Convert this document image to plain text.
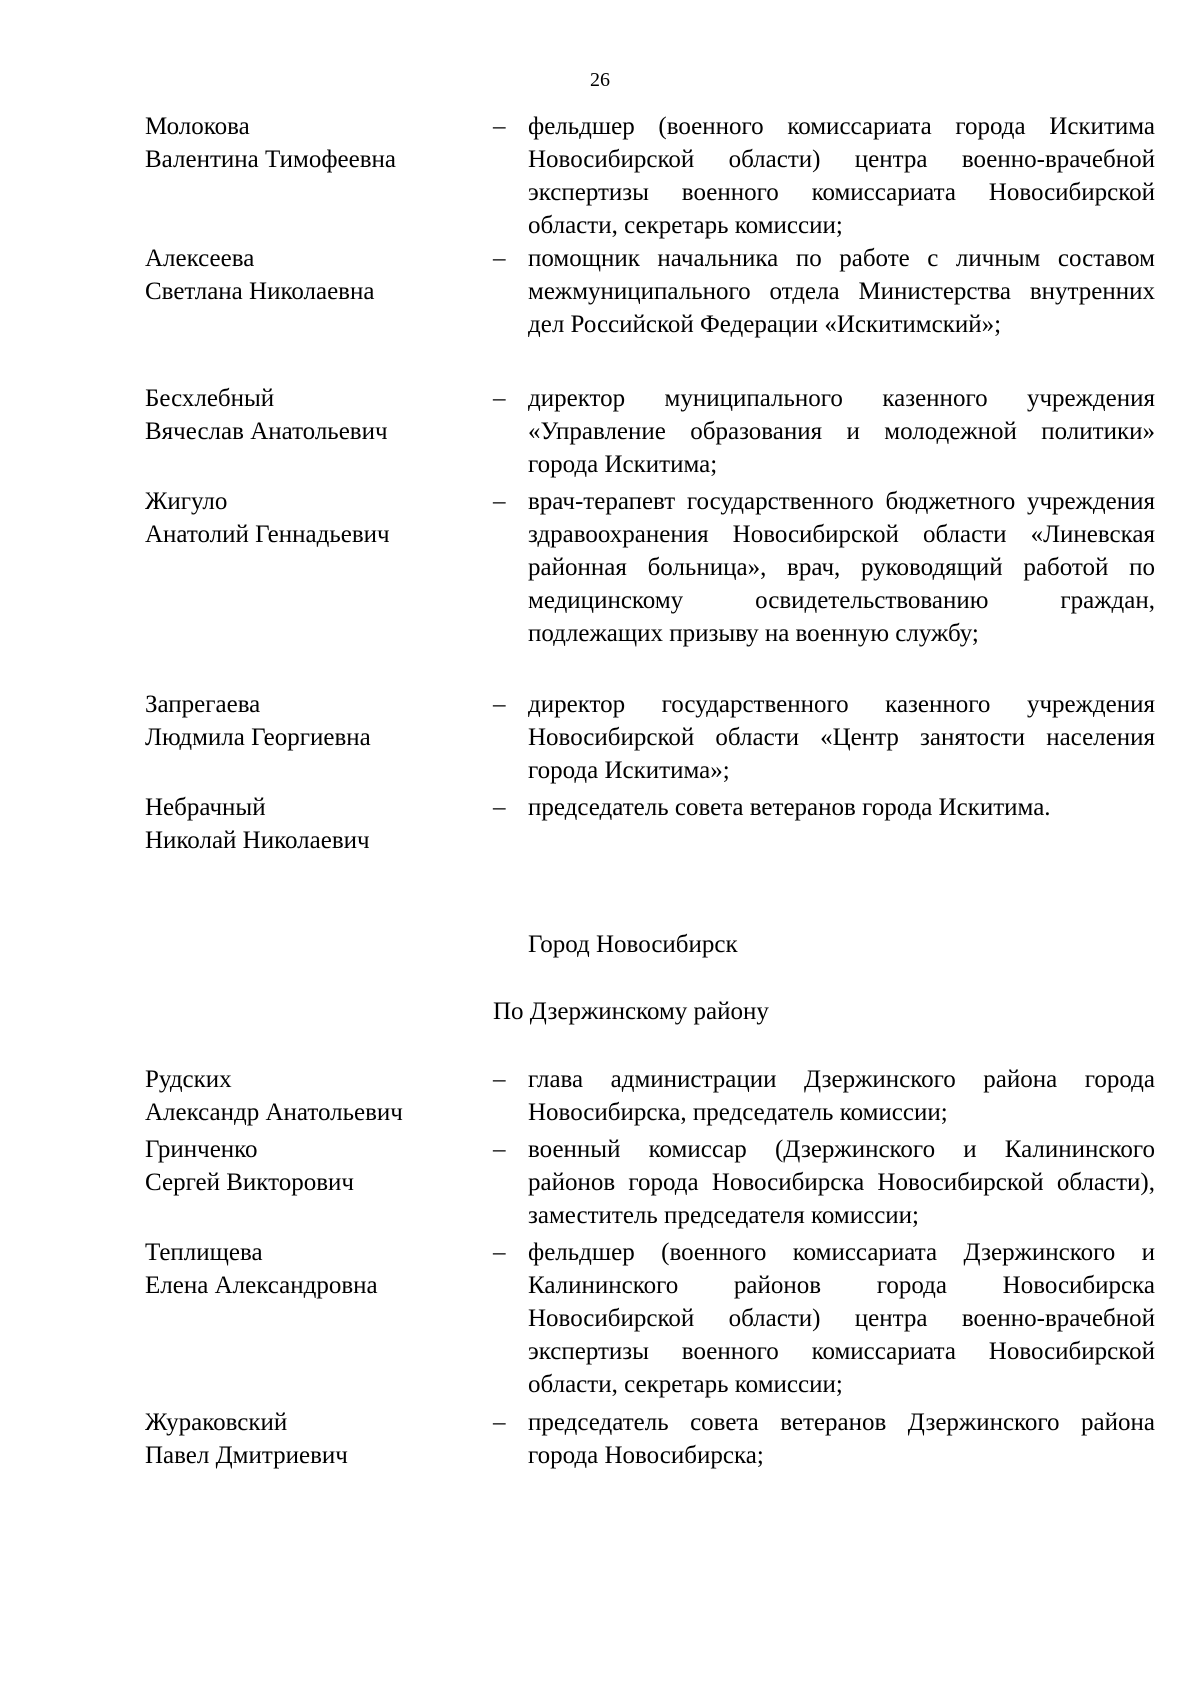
26
Молокова
Валентина Тимофеевна
– фельдшер (военного комиссариата города Искитима Новосибирской области) центра военно-врачебной экспертизы военного комиссариата Новосибирской области, секретарь комиссии;
Алексеева
Светлана Николаевна
– помощник начальника по работе с личным составом межмуниципального отдела Министерства внутренних дел Российской Федерации «Искитимский»;
Бесхлебный
Вячеслав Анатольевич
– директор муниципального казенного учреждения «Управление образования и молодежной политики» города Искитима;
Жигуло
Анатолий Геннадьевич
– врач-терапевт государственного бюджетного учреждения здравоохранения Новосибирской области «Линевская районная больница», врач, руководящий работой по медицинскому освидетельствованию граждан, подлежащих призыву на военную службу;
Запрегаева
Людмила Георгиевна
– директор государственного казенного учреждения Новосибирской области «Центр занятости населения города Искитима»;
Небрачный
Николай Николаевич
– председатель совета ветеранов города Искитима.
Город Новосибирск
По Дзержинскому району
Рудских
Александр Анатольевич
– глава администрации Дзержинского района города Новосибирска, председатель комиссии;
Гринченко
Сергей Викторович
– военный комиссар (Дзержинского и Калининского районов города Новосибирска Новосибирской области), заместитель председателя комиссии;
Теплищева
Елена Александровна
– фельдшер (военного комиссариата Дзержинского и Калининского районов города Новосибирска Новосибирской области) центра военно-врачебной экспертизы военного комиссариата Новосибирской области, секретарь комиссии;
Жураковский
Павел Дмитриевич
– председатель совета ветеранов Дзержинского района города Новосибирска;
